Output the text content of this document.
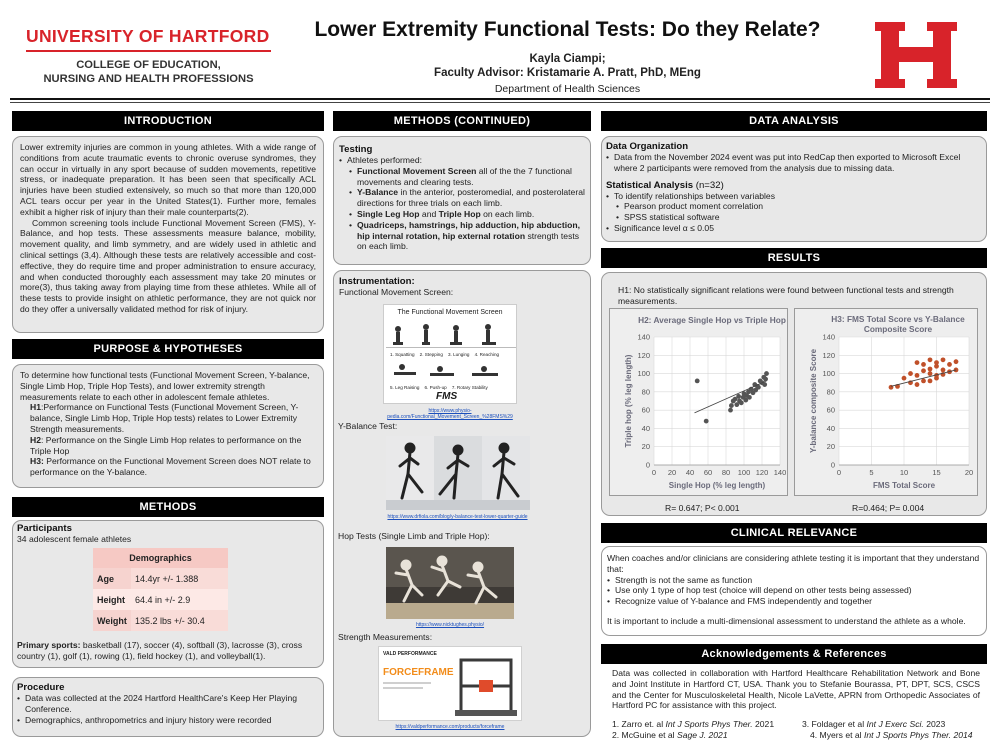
UNIVERSITY OF HARTFORD
COLLEGE OF EDUCATION,
NURSING AND HEALTH PROFESSIONS
Lower Extremity Functional Tests: Do they Relate?
Kayla Ciampi;
Faculty Advisor: Kristamarie A. Pratt, PhD, MEng
Department of Health Sciences
INTRODUCTION
Lower extremity injuries are common in young athletes. With a wide range of conditions from acute traumatic events to chronic overuse syndromes, they can occur in virtually in any sport because of sudden movements, repetitive stress, or inadequate preparation. It has been seen that specifically ACL injuries have been studied extensively, so much so that more than 120,000 ACL tears occur per year in the United States(1). Further more, females exhibit a higher risk of injury than their male counterparts(2).
Common screening tools include Functional Movement Screen (FMS), Y-Balance, and hop tests. These assessments measure balance, mobility, movement quality, and limb symmetry, and are widely used in athletic and clinical settings (3,4). Although these tests are relatively accessible and cost-effective, they do require time and proper administration to ensure accuracy, and when conducted thoroughly each assessment may take 20 minutes or more(3), thus taking away from playing time from these athletes. While all of these tests to provide insight on athletic performance, they are not quick nor do they offer a universally validated method for risk of injury.
PURPOSE & HYPOTHESES
To determine how functional tests (Functional Movement Screen, Y-balance, Single Limb Hop, Triple Hop Tests), and lower extremity strength measurements relate to each other in adolescent female athletes.
H1:Performance on Functional Tests (Functional Movement Screen, Y-balance, Single Limb Hop, Triple Hop tests) relates to Lower Extremity Strength measurements.
H2: Performance on the Single Limb Hop relates to performance on the Triple Hop
H3: Performance on the Functional Movement Screen does NOT relate to performance on the Y-balance.
METHODS
Participants
34 adolescent female athletes
Primary sports: basketball (17), soccer (4), softball (3), lacrosse (3), cross country (1), golf (1), rowing (1), field hockey (1), and volleyball(1).
Demographics	
Age	14.4yr +/- 1.388
Height	64.4 in +/- 2.9
Weight	135.2 lbs +/- 30.4
Procedure
• Data was collected at the 2024 Hartford HealthCare's Keep Her Playing Conference.
• Demographics, anthropometrics and injury history were recorded
METHODS (CONTINUED)
Testing
• Athletes performed:
• Functional Movement Screen all of the the 7 functional movements and clearing tests.
• Y-Balance in the anterior, posteromedial, and posterolateral directions for three trials on each limb.
• Single Leg Hop and Triple Hop on each limb.
• Quadriceps, hamstrings, hip adduction, hip abduction, hip internal rotation, hip external rotation strength tests on each limb.
Instrumentation:
Functional Movement Screen:
The Functional Movement Screen
1. Squatting 2. Stepping 3. Lunging 4. Reaching
5. Leg Raising 6. Push-up 7. Rotary Stability
FMS
https://www.physio-pedia.com/Functional_Movement_Screen_%28FMS%29
Y-Balance Test:
https://www.drfiola.com/blog/y-balance-test-lower-quarter-guide
Hop Tests (Single Limb and Triple Hop):
https://www.nicktughes.physio/
Strength Measurements:
VALD PERFORMANCE
FORCEFRAME
https://valdperformance.com/products/forceframe
DATA ANALYSIS
Data Organization
• Data from the November 2024 event was put into RedCap then exported to Microsoft Excel where 2 participants were removed from the analysis due to missing data.
Statistical Analysis (n=32)
• To identify relationships between variables
• Pearson product moment correlation
• SPSS statistical software
• Significance level α ≤ 0.05
RESULTS
H1: No statistically significant relations were found between functional tests and strength measurements.
H2: Average Single Hop vs Triple Hop
0
20
40
60
80
100
120
140
0 20 40 60 80 100 120 140
Single Hop (% leg length)
Triple hop (% leg length)
R= 0.647; P< 0.001
H3: FMS Total Score vs Y-Balance Composite Score
0
20
40
60
80
100
120
140
0	5	10	15	20
FMS Total Score
Y-balance composite Score
R=0.464; P= 0.004
CLINICAL RELEVANCE
When coaches and/or clinicians are considering athlete testing it is important that they understand that:
• Strength is not the same as function
• Use only 1 type of hop test (choice will depend on other tests being assessed)
• Recognize value of Y-balance and FMS independently and together
It is important to include a multi-dimensional assessment to understand the athlete as a whole.
Acknowledgements & References
Data was collected in collaboration with Hartford Healthcare Rehabilitation Network and Bone and Joint Institute in Hartford CT, USA. Thank you to Stefanie Bourassa, PT, DPT, SCS, CSCS and the Center for Musculoskeletal Health, Nicole LaVette, APRN from Orthopedic Associates of Hartford PC for assistance with this project.
1. Zarro et. al Int J Sports Phys Ther. 2021
2. McGuine et al Sage J. 2021
3. Foldager et al Int J Exerc Sci. 2023
4. Myers et al Int J Sports Phys Ther. 2014
